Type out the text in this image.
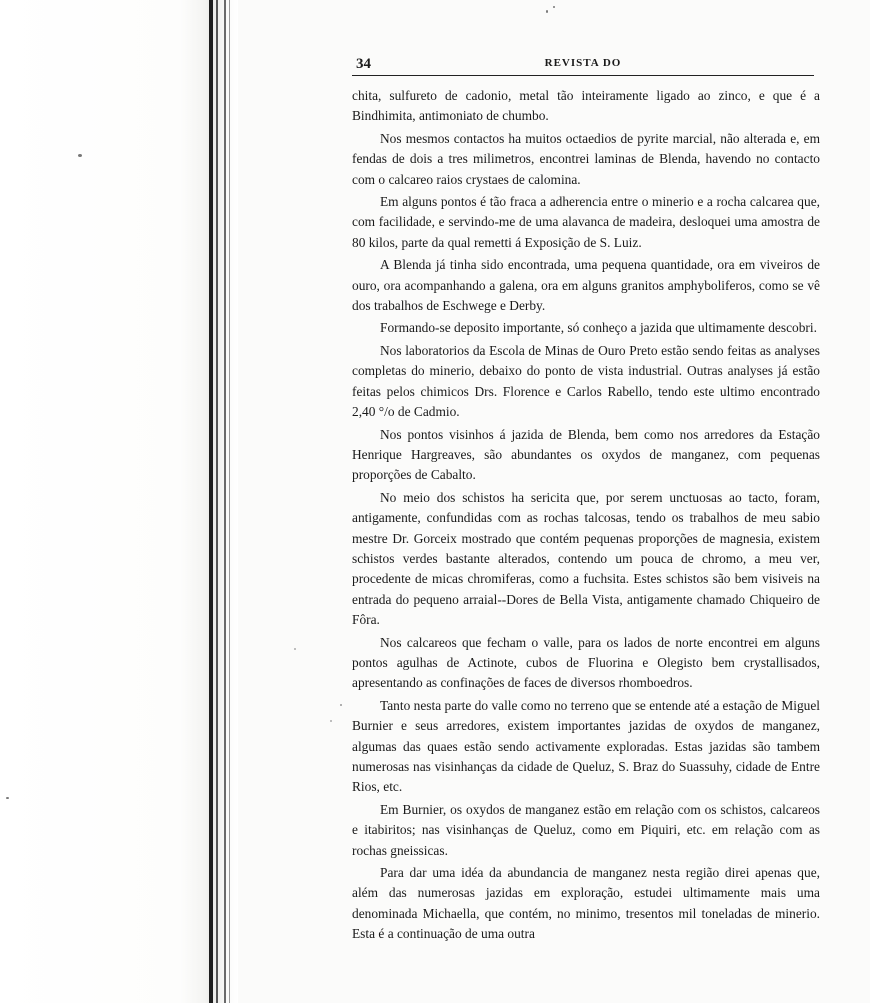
34	REVISTA DO

chita, sulfureto de cadonio, metal tão inteiramente ligado ao zinco, e que é a Bindhimita, antimoniato de chumbo.

Nos mesmos contactos ha muitos octaedios de pyrite marcial, não alterada e, em fendas de dois a tres milimetros, encontrei laminas de Blenda, havendo no contacto com o calcareo raios crystaes de calomina.

Em alguns pontos é tão fraca a adherencia entre o minerio e a rocha calcarea que, com facilidade, e servindo-me de uma alavanca de madeira, desloquei uma amostra de 80 kilos, parte da qual remetti á Exposição de S. Luiz.

A Blenda já tinha sido encontrada, uma pequena quantidade, ora em viveiros de ouro, ora acompanhando a galena, ora em alguns granitos amphyboliferos, como se vê dos trabalhos de Eschwege e Derby.

Formando-se deposito importante, só conheço a jazida que ultimamente descobri.

Nos laboratorios da Escola de Minas de Ouro Preto estão sendo feitas as analyses completas do minerio, debaixo do ponto de vista industrial. Outras analyses já estão feitas pelos chimicos Drs. Florence e Carlos Rabello, tendo este ultimo encontrado 2,40 °/o de Cadmio.

Nos pontos visinhos á jazida de Blenda, bem como nos arredores da Estação Henrique Hargreaves, são abundantes os oxydos de manganez, com pequenas proporções de Cabalto.

No meio dos schistos ha sericita que, por serem unctuosas ao tacto, foram, antigamente, confundidas com as rochas talcosas, tendo os trabalhos de meu sabio mestre Dr. Gorceix mostrado que contém pequenas proporções de magnesia, existem schistos verdes bastante alterados, contendo um pouca de chromo, a meu ver, procedente de micas chromiferas, como a fuchsita. Estes schistos são bem visiveis na entrada do pequeno arraial--Dores de Bella Vista, antigamente chamado Chiqueiro de Fôra.

Nos calcareos que fecham o valle, para os lados de norte encontrei em alguns pontos agulhas de Actinote, cubos de Fluorina e Olegisto bem crystallisados, apresentando as confinações de faces de diversos rhomboedros.

Tanto nesta parte do valle como no terreno que se entende até a estação de Miguel Burnier e seus arredores, existem importantes jazidas de oxydos de manganez, algumas das quaes estão sendo activamente exploradas. Estas jazidas são tambem numerosas nas visinhanças da cidade de Queluz, S. Braz do Suassuhy, cidade de Entre Rios, etc.

Em Burnier, os oxydos de manganez estão em relação com os schistos, calcareos e itabiritos; nas visinhanças de Queluz, como em Piquiri, etc. em relação com as rochas gneissicas.

Para dar uma idéa da abundancia de manganez nesta região direi apenas que, além das numerosas jazidas em exploração, estudei ultimamente mais uma denominada Michaella, que contém, no minimo, tresentos mil toneladas de minerio. Esta é a continuação de uma outra
